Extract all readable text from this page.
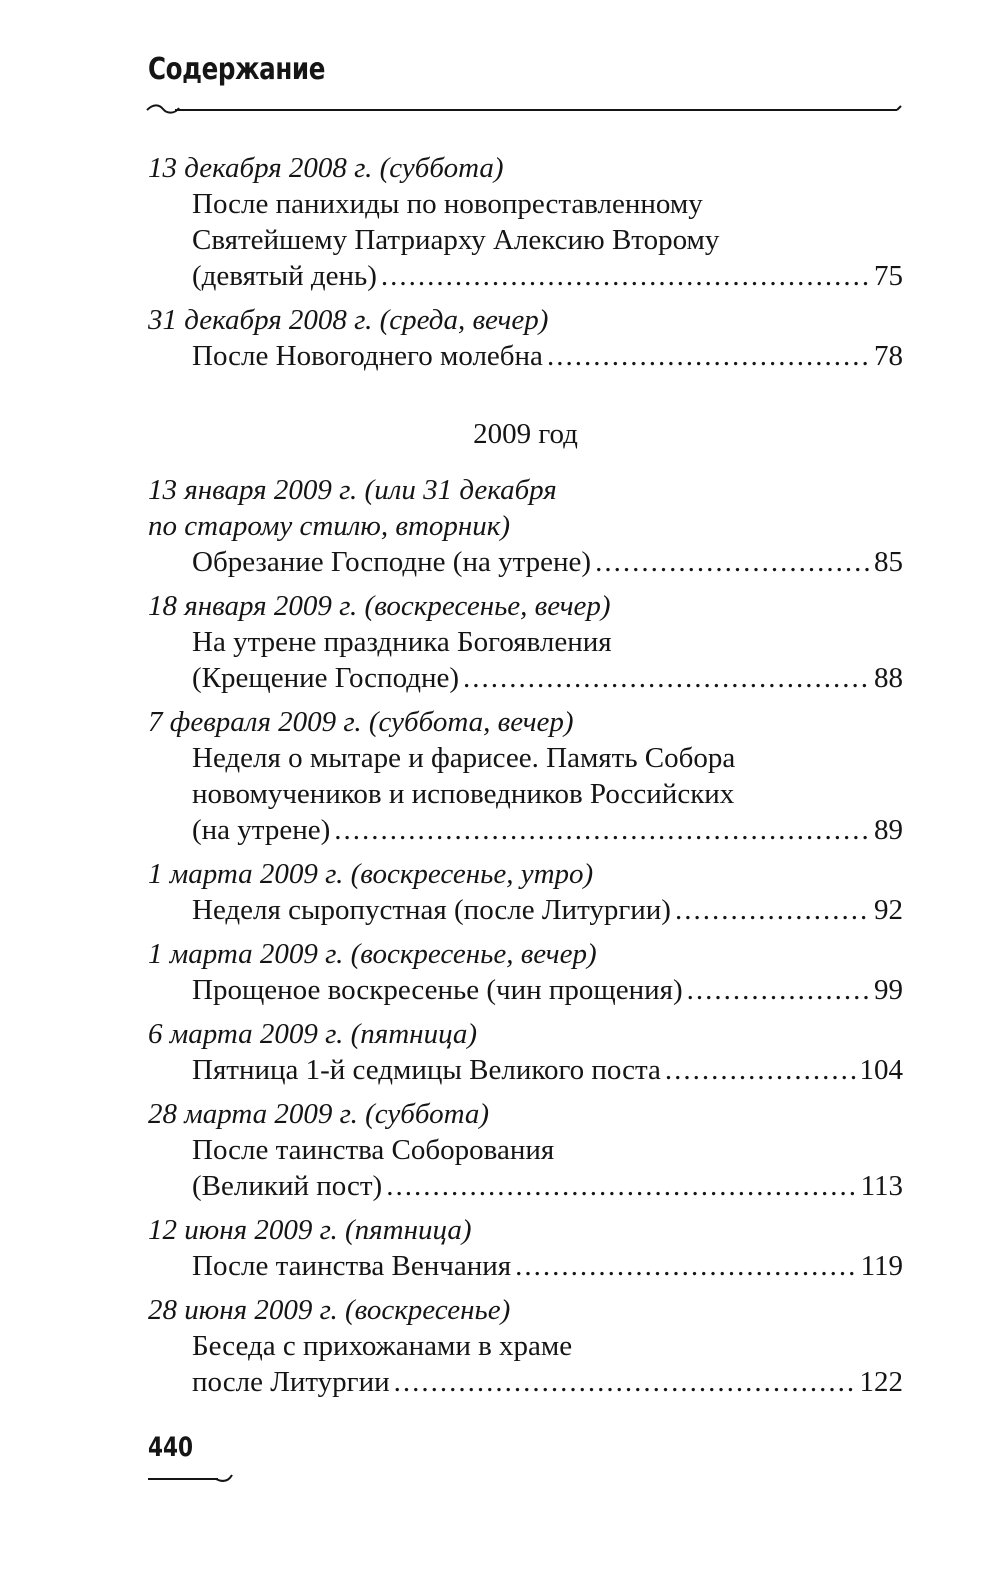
Содержание
13 декабря 2008 г. (суббота)
После панихиды по новопреставленному
Святейшему Патриарху Алексию Второму
(девятый день) .....	75
31 декабря 2008 г. (среда, вечер)
После Новогоднего молебна .....	78
2009 год
13 января 2009 г. (или 31 декабря
по старому стилю, вторник)
Обрезание Господне (на утрене) .....	85
18 января 2009 г. (воскресенье, вечер)
На утрене праздника Богоявления
(Крещение Господне) .....	88
7 февраля 2009 г. (суббота, вечер)
Неделя о мытаре и фарисее. Память Собора
новомучеников и исповедников Российских
(на утрене) .....	89
1 марта 2009 г. (воскресенье, утро)
Неделя сыропустная (после Литургии) .....	92
1 марта 2009 г. (воскресенье, вечер)
Прощеное воскресенье (чин прощения) .....	99
6 марта 2009 г. (пятница)
Пятница 1-й седмицы Великого поста .....	104
28 марта 2009 г. (суббота)
После таинства Соборования
(Великий пост) .....	113
12 июня 2009 г. (пятница)
После таинства Венчания .....	119
28 июня 2009 г. (воскресенье)
Беседа с прихожанами в храме
после Литургии .....	122
440
